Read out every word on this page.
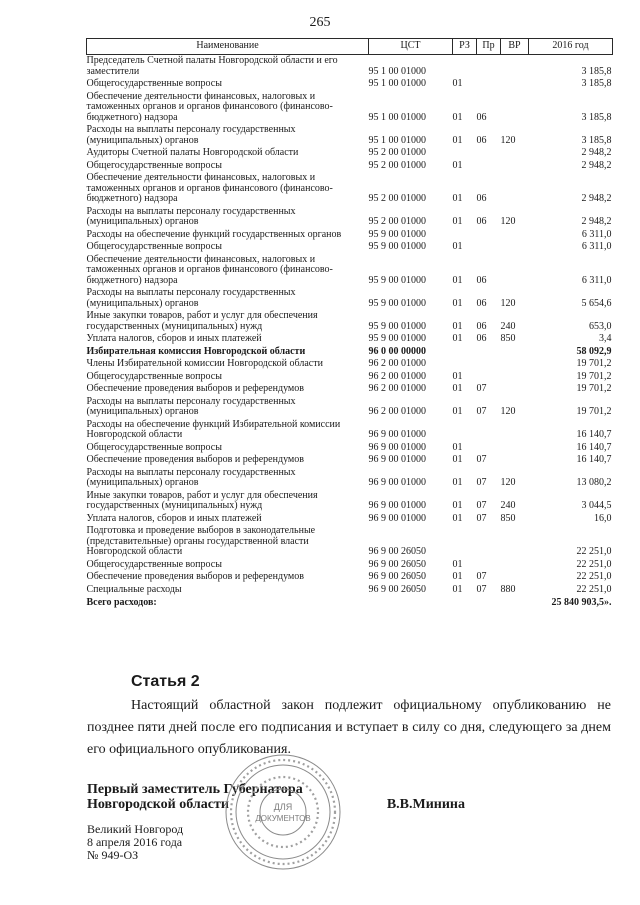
265
Наименование	ЦСТ	РЗ	Пр	ВР	2016 год
Председатель Счетной палаты Новгородской области и его заместители	95 1 00 01000				3 185,8
Общегосударственные вопросы	95 1 00 01000	01			3 185,8
Обеспечение деятельности финансовых, налоговых и таможенных органов и органов финансового (финансово-бюджетного) надзора	95 1 00 01000	01	06		3 185,8
Расходы на выплаты персоналу государственных (муниципальных) органов	95 1 00 01000	01	06	120	3 185,8
Аудиторы Счетной палаты Новгородской области	95 2 00 01000				2 948,2
Общегосударственные вопросы	95 2 00 01000	01			2 948,2
Обеспечение деятельности финансовых, налоговых и таможенных органов и органов финансового (финансово-бюджетного) надзора	95 2 00 01000	01	06		2 948,2
Расходы на выплаты персоналу государственных (муниципальных) органов	95 2 00 01000	01	06	120	2 948,2
Расходы на обеспечение функций государственных органов	95 9 00 01000				6 311,0
Общегосударственные вопросы	95 9 00 01000	01			6 311,0
Обеспечение деятельности финансовых, налоговых и таможенных органов и органов финансового (финансово-бюджетного) надзора	95 9 00 01000	01	06		6 311,0
Расходы на выплаты персоналу государственных (муниципальных) органов	95 9 00 01000	01	06	120	5 654,6
Иные закупки товаров, работ и услуг для обеспечения государственных (муниципальных) нужд	95 9 00 01000	01	06	240	653,0
Уплата налогов, сборов и иных платежей	95 9 00 01000	01	06	850	3,4
Избирательная комиссия Новгородской области	96 0 00 00000				58 092,9
Члены Избирательной комиссии Новгородской области	96 2 00 01000				19 701,2
Общегосударственные вопросы	96 2 00 01000	01			19 701,2
Обеспечение проведения выборов и референдумов	96 2 00 01000	01	07		19 701,2
Расходы на выплаты персоналу государственных (муниципальных) органов	96 2 00 01000	01	07	120	19 701,2
Расходы на обеспечение функций Избирательной комиссии Новгородской области	96 9 00 01000				16 140,7
Общегосударственные вопросы	96 9 00 01000	01			16 140,7
Обеспечение проведения выборов и референдумов	96 9 00 01000	01	07		16 140,7
Расходы на выплаты персоналу государственных (муниципальных) органов	96 9 00 01000	01	07	120	13 080,2
Иные закупки товаров, работ и услуг для обеспечения государственных (муниципальных) нужд	96 9 00 01000	01	07	240	3 044,5
Уплата налогов, сборов и иных платежей	96 9 00 01000	01	07	850	16,0
Подготовка и проведение выборов в законодательные (представительные) органы государственной власти Новгородской области	96 9 00 26050				22 251,0
Общегосударственные вопросы	96 9 00 26050	01			22 251,0
Обеспечение проведения выборов и референдумов	96 9 00 26050	01	07		22 251,0
Специальные расходы	96 9 00 26050	01	07	880	22 251,0
Всего расходов:					25 840 903,5».
Статья 2
Настоящий областной закон подлежит официальному опубликованию не позднее пяти дней после его подписания и вступает в силу со дня, следующего за днем его официального опубликования.
Первый заместитель Губернатора
Новгородской области	В.В.Минина
ДЛЯ
ДОКУМЕНТОВ
Великий Новгород
8 апреля 2016 года
№ 949-ОЗ
